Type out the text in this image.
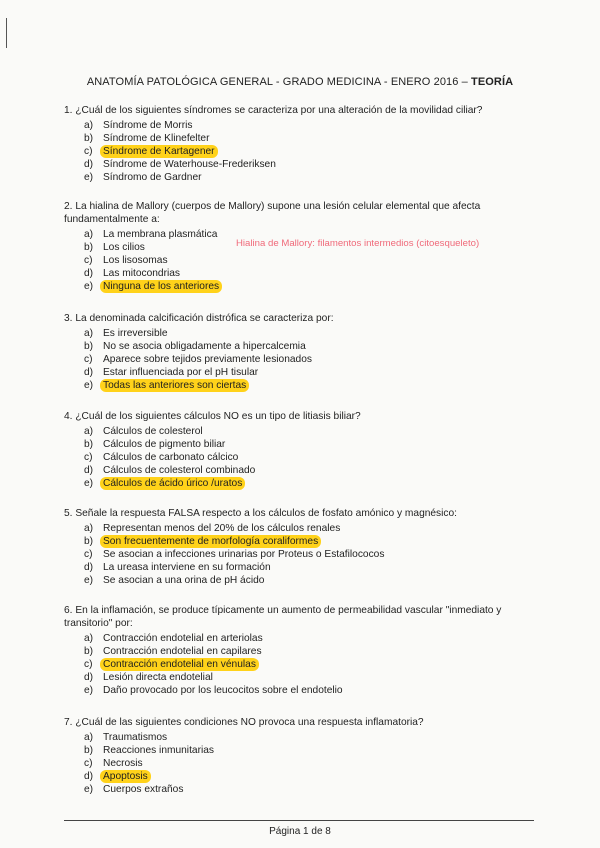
ANATOMÍA PATOLÓGICA GENERAL - GRADO MEDICINA - ENERO 2016 – TEORÍA
1. ¿Cuál de los siguientes síndromes se caracteriza por una alteración de la movilidad ciliar?
a) Síndrome de Morris
b) Síndrome de Klinefelter
c)	Síndrome de Kartagener
d) Síndrome de Waterhouse-Frederiksen
e) Síndromo de Gardner
2. La hialina de Mallory (cuerpos de Mallory) supone una lesión celular elemental que afecta fundamentalmente a:
a) La membrana plasmática
b) Los cilios
c)	Los lisosomas
d) Las mitocondrias
e) Ninguna de los anteriores
Hialina de Mallory: filamentos intermedios (citoesqueleto)
3. La denominada calcificación distrófica se caracteriza por:
a) Es irreversible
b) No se asocia obligadamente a hipercalcemia
c)	Aparece sobre tejidos previamente lesionados
d) Estar influenciada por el pH tisular
e) Todas las anteriores son ciertas
4. ¿Cuál de los siguientes cálculos NO es un tipo de litiasis biliar?
a) Cálculos de colesterol
b) Cálculos de pigmento biliar
c)	Cálculos de carbonato cálcico
d) Cálculos de colesterol combinado
e) Cálculos de ácido úrico /uratos
5. Señale la respuesta FALSA respecto a los cálculos de fosfato amónico y magnésico:
a) Representan menos del 20% de los cálculos renales
b) Son frecuentemente de morfología coraliformes
c)	Se asocian a infecciones urinarias por Proteus o Estafilococos
d) La ureasa interviene en su formación
e) Se asocian a una orina de pH ácido
6. En la inflamación, se produce típicamente un aumento de permeabilidad vascular "inmediato y transitorio" por:
a) Contracción endotelial en arteriolas
b) Contracción endotelial en capilares
c)	Contracción endotelial en vénulas
d) Lesión directa endotelial
e) Daño provocado por los leucocitos sobre el endotelio
7. ¿Cuál de las siguientes condiciones NO provoca una respuesta inflamatoria?
a) Traumatismos
b) Reacciones inmunitarias
c)	Necrosis
d) Apoptosis
e) Cuerpos extraños
Página 1 de 8
